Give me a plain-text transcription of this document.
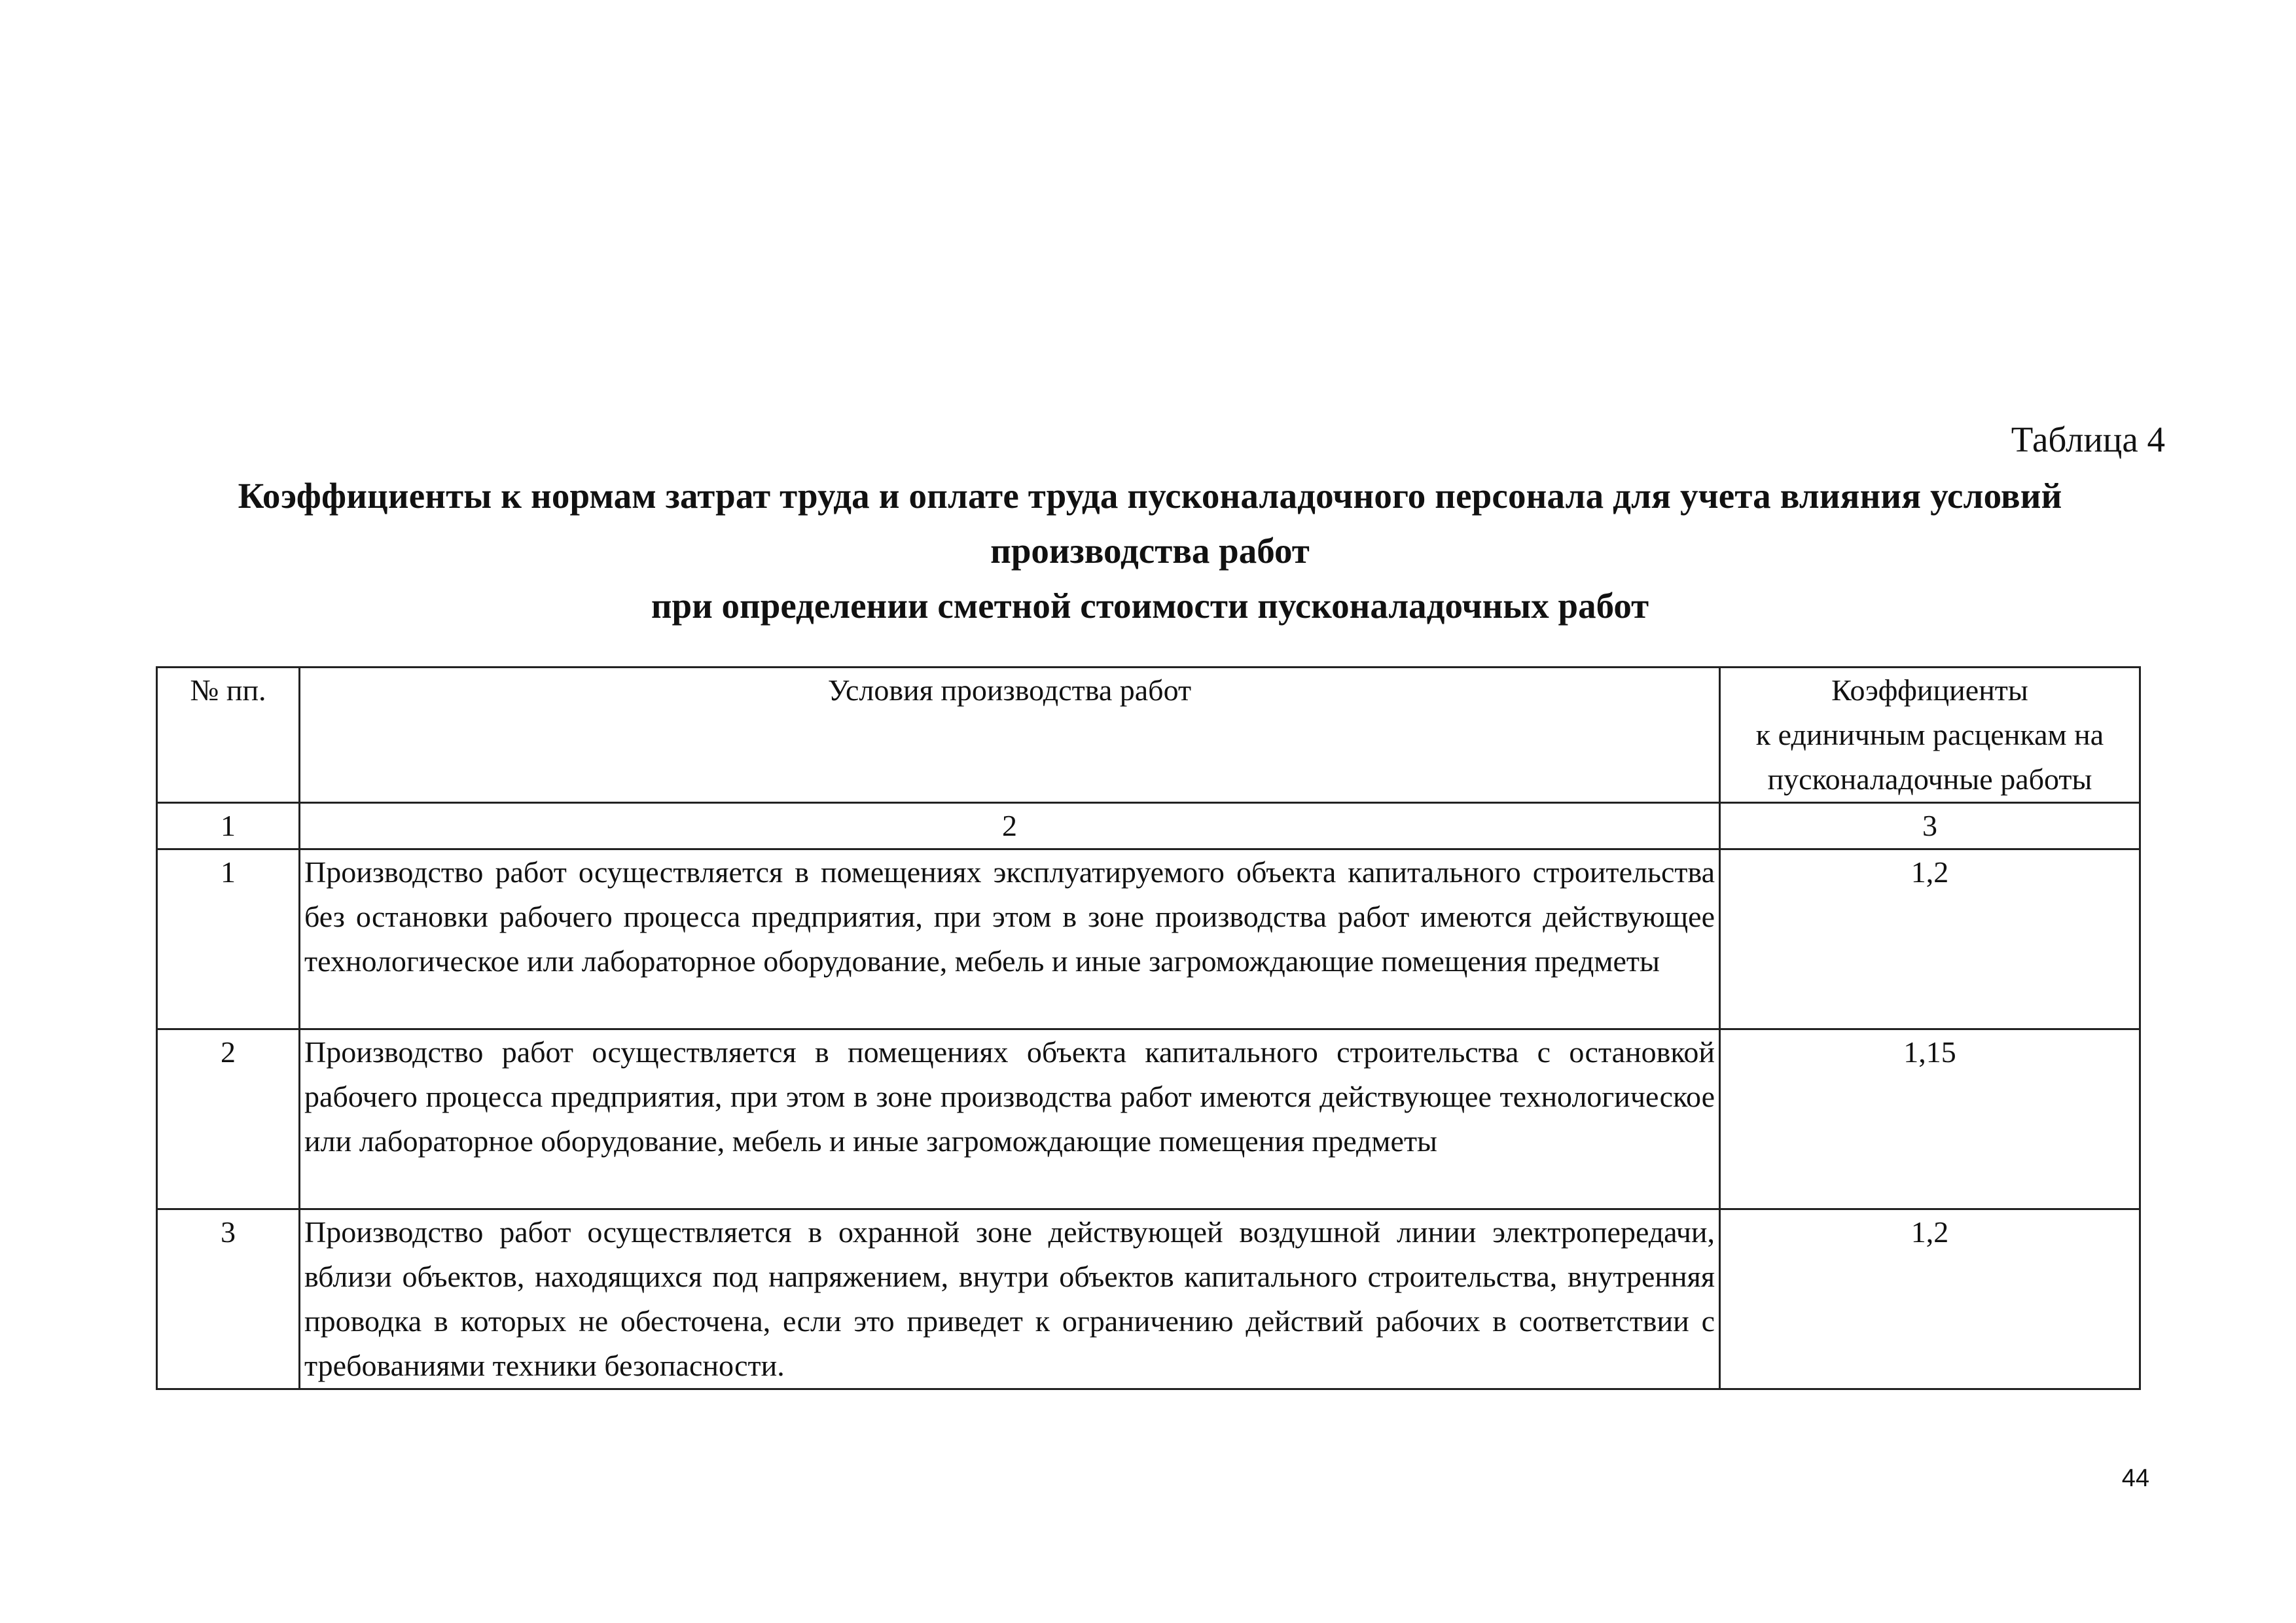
Таблица 4

Коэффициенты к нормам затрат труда и оплате труда пусконаладочного персонала для учета влияния условий
производства работ
при определении сметной стоимости пусконаладочных работ
№ пп.	Условия производства работ	Коэффициенты
к единичным расценкам на
пусконаладочные работы

1	2	3
1	Производство работ осуществляется в помещениях эксплуатируемого объекта капитального строительства без остановки рабочего процесса предприятия, при этом в зоне производства работ имеются действующее технологическое или лабораторное оборудование, мебель и иные загромождающие помещения предметы	1,2
2	Производство работ осуществляется в помещениях объекта капитального строительства с остановкой рабочего процесса предприятия, при этом в зоне производства работ имеются действующее технологическое или лабораторное оборудование, мебель и иные загромождающие помещения предметы	1,15
3	Производство работ осуществляется в охранной зоне действующей воздушной линии электропередачи, вблизи объектов, находящихся под напряжением, внутри объектов капитального строительства, внутренняя проводка в которых не обесточена, если это приведет к ограничению действий рабочих в соответствии с требованиями техники безопасности.	1,2

44
